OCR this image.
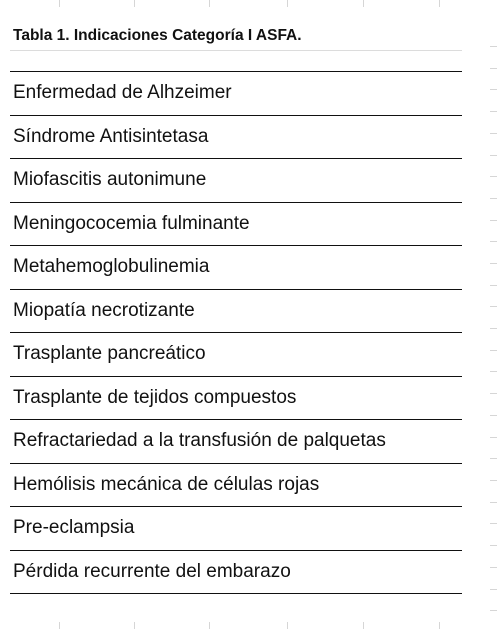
Tabla 1. Indicaciones Categoría I ASFA.
Enfermedad de Alhzeimer
Síndrome Antisintetasa
Miofascitis autonimune
Meningococemia fulminante
Metahemoglobulinemia
Miopatía necrotizante
Trasplante pancreático
Trasplante de tejidos compuestos
Refractariedad a la transfusión de palquetas
Hemólisis mecánica de células rojas
Pre-eclampsia
Pérdida recurrente del embarazo
